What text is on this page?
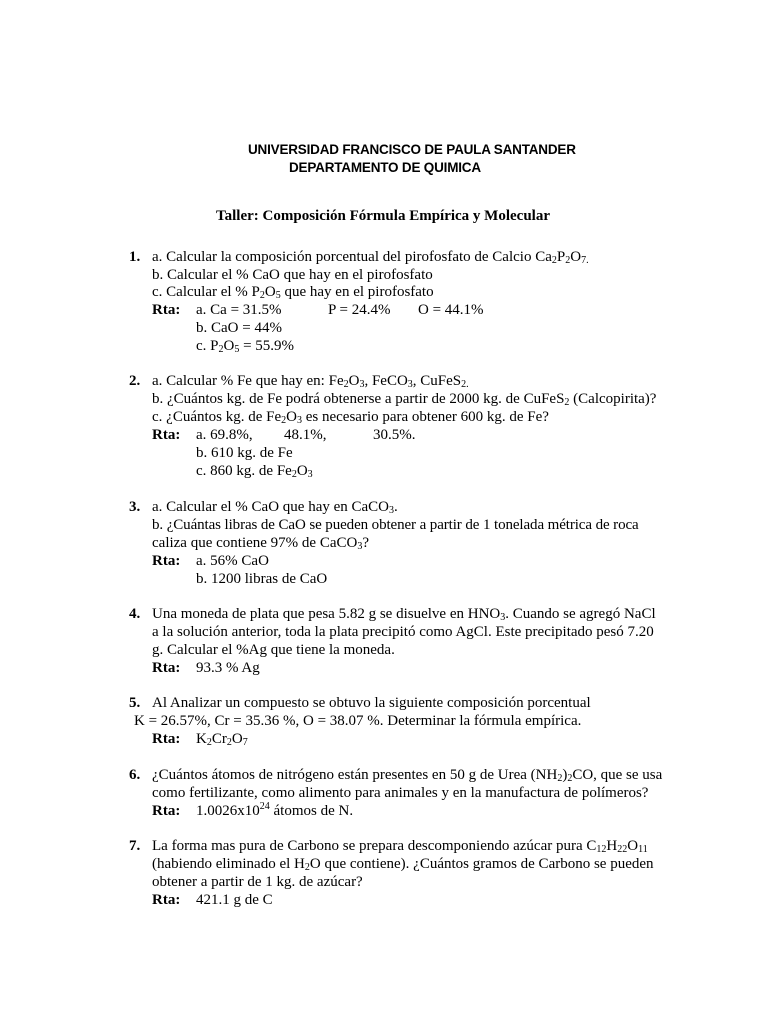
UNIVERSIDAD FRANCISCO DE PAULA SANTANDER
DEPARTAMENTO DE QUIMICA
Taller: Composición Fórmula Empírica y Molecular
1. a. Calcular la composición porcentual del pirofosfato de Calcio $Ca_2P_2O_{7.}$
b. Calcular el % CaO que hay en el pirofosfato
c. Calcular el % $P_2O_5$ que hay en el pirofosfato
Rta: a. Ca = 31.5%	P = 24.4% O = 44.1%
b. CaO = 44%
c. $P_2O_5 = 55.9\%$
2. a. Calcular % Fe que hay en: $Fe_2O_3$, FeCO$_3$, CuFeS$_{2.}$
b. ¿Cuántos kg. de Fe podrá obtenerse a partir de 2000 kg. de CuFeS$_2$ (Calcopirita)?
c. ¿Cuántos kg. de $Fe_2O_3$ es necesario para obtener 600 kg. de Fe?
Rta: a. 69.8%, 48.1%,	30.5%.
b. 610 kg. de Fe
c. 860 kg. de $Fe_2O_3$
3. a. Calcular el % CaO que hay en CaCO$_3$.
b. ¿Cuántas libras de CaO se pueden obtener a partir de 1 tonelada métrica de roca
caliza que contiene 97% de CaCO$_3$?
Rta: a. 56% CaO
b. 1200 libras de CaO
4. Una moneda de plata que pesa 5.82 g se disuelve en $HNO_3$. Cuando se agregó NaCl
a la solución anterior, toda la plata precipitó como AgCl. Este precipitado pesó 7.20
g. Calcular el %Ag que tiene la moneda.
Rta: 93.3 % Ag
5. Al Analizar un compuesto se obtuvo la siguiente composición porcentual
K = 26.57%, Cr = 35.36 %, O = 38.07 %. Determinar la fórmula empírica.
Rta: $K_2Cr_2O_7$
6. ¿Cuántos átomos de nitrógeno están presentes en 50 g de Urea $(NH_2)_2CO$, que se usa
como fertilizante, como alimento para animales y en la manufactura de polímeros?
Rta: $1.0026x10^{24}$ átomos de N.
7. La forma mas pura de Carbono se prepara descomponiendo azúcar pura $C_{12}H_{22}O_{11}$
(habiendo eliminado el $H_2O$ que contiene). ¿Cuántos gramos de Carbono se pueden
obtener a partir de 1 kg. de azúcar?
Rta: 421.1 g de C
